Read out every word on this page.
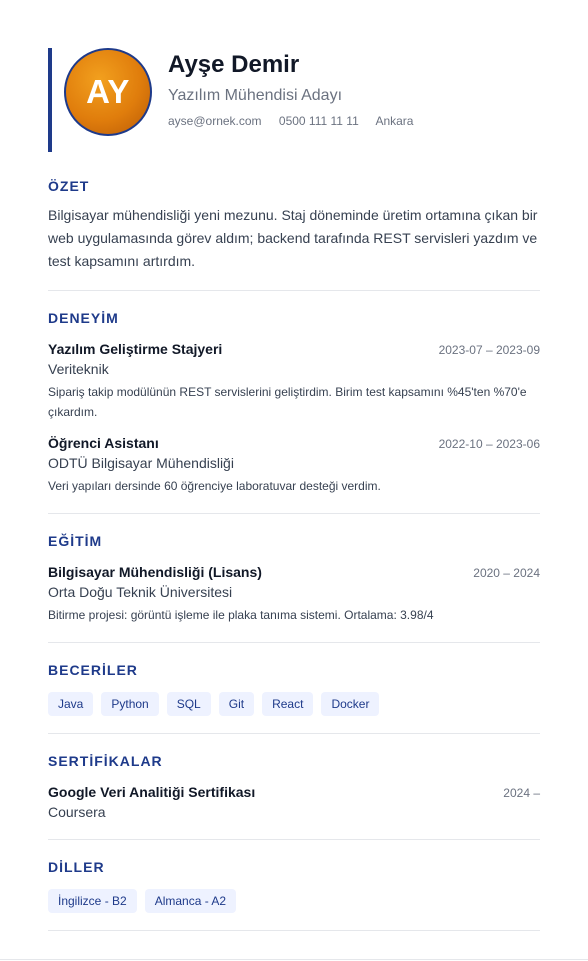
AY
Ayşe Demir
Yazılım Mühendisi Adayı
ayse@ornek.com 0500 111 11 11 Ankara
ÖZET

Bilgisayar mühendisliği yeni mezunu. Staj döneminde üretim ortamına çıkan bir web uygulamasında görev aldım; backend tarafında REST servisleri yazdım ve test kapsamını artırdım.

DENEYİM
Yazılım Geliştirme Stajyeri	2023-07 – 2023-09
Veriteknik
Sipariş takip modülünün REST servislerini geliştirdim. Birim test kapsamını %45'ten %70'e çıkardım.
Öğrenci Asistanı	2022-10 – 2023-06
ODTÜ Bilgisayar Mühendisliği
Veri yapıları dersinde 60 öğrenciye laboratuvar desteği verdim.
EĞİTİM
Bilgisayar Mühendisliği (Lisans)	2020 – 2024
Orta Doğu Teknik Üniversitesi
Bitirme projesi: görüntü işleme ile plaka tanıma sistemi. Ortalama: 3.98/4
BECERİLER
Java	Python	SQL	Git	React	Docker
SERTİFİKALAR
Google Veri Analitiği Sertifikası	2024 –
Coursera
DİLLER
İngilizce - B2	Almanca - A2
